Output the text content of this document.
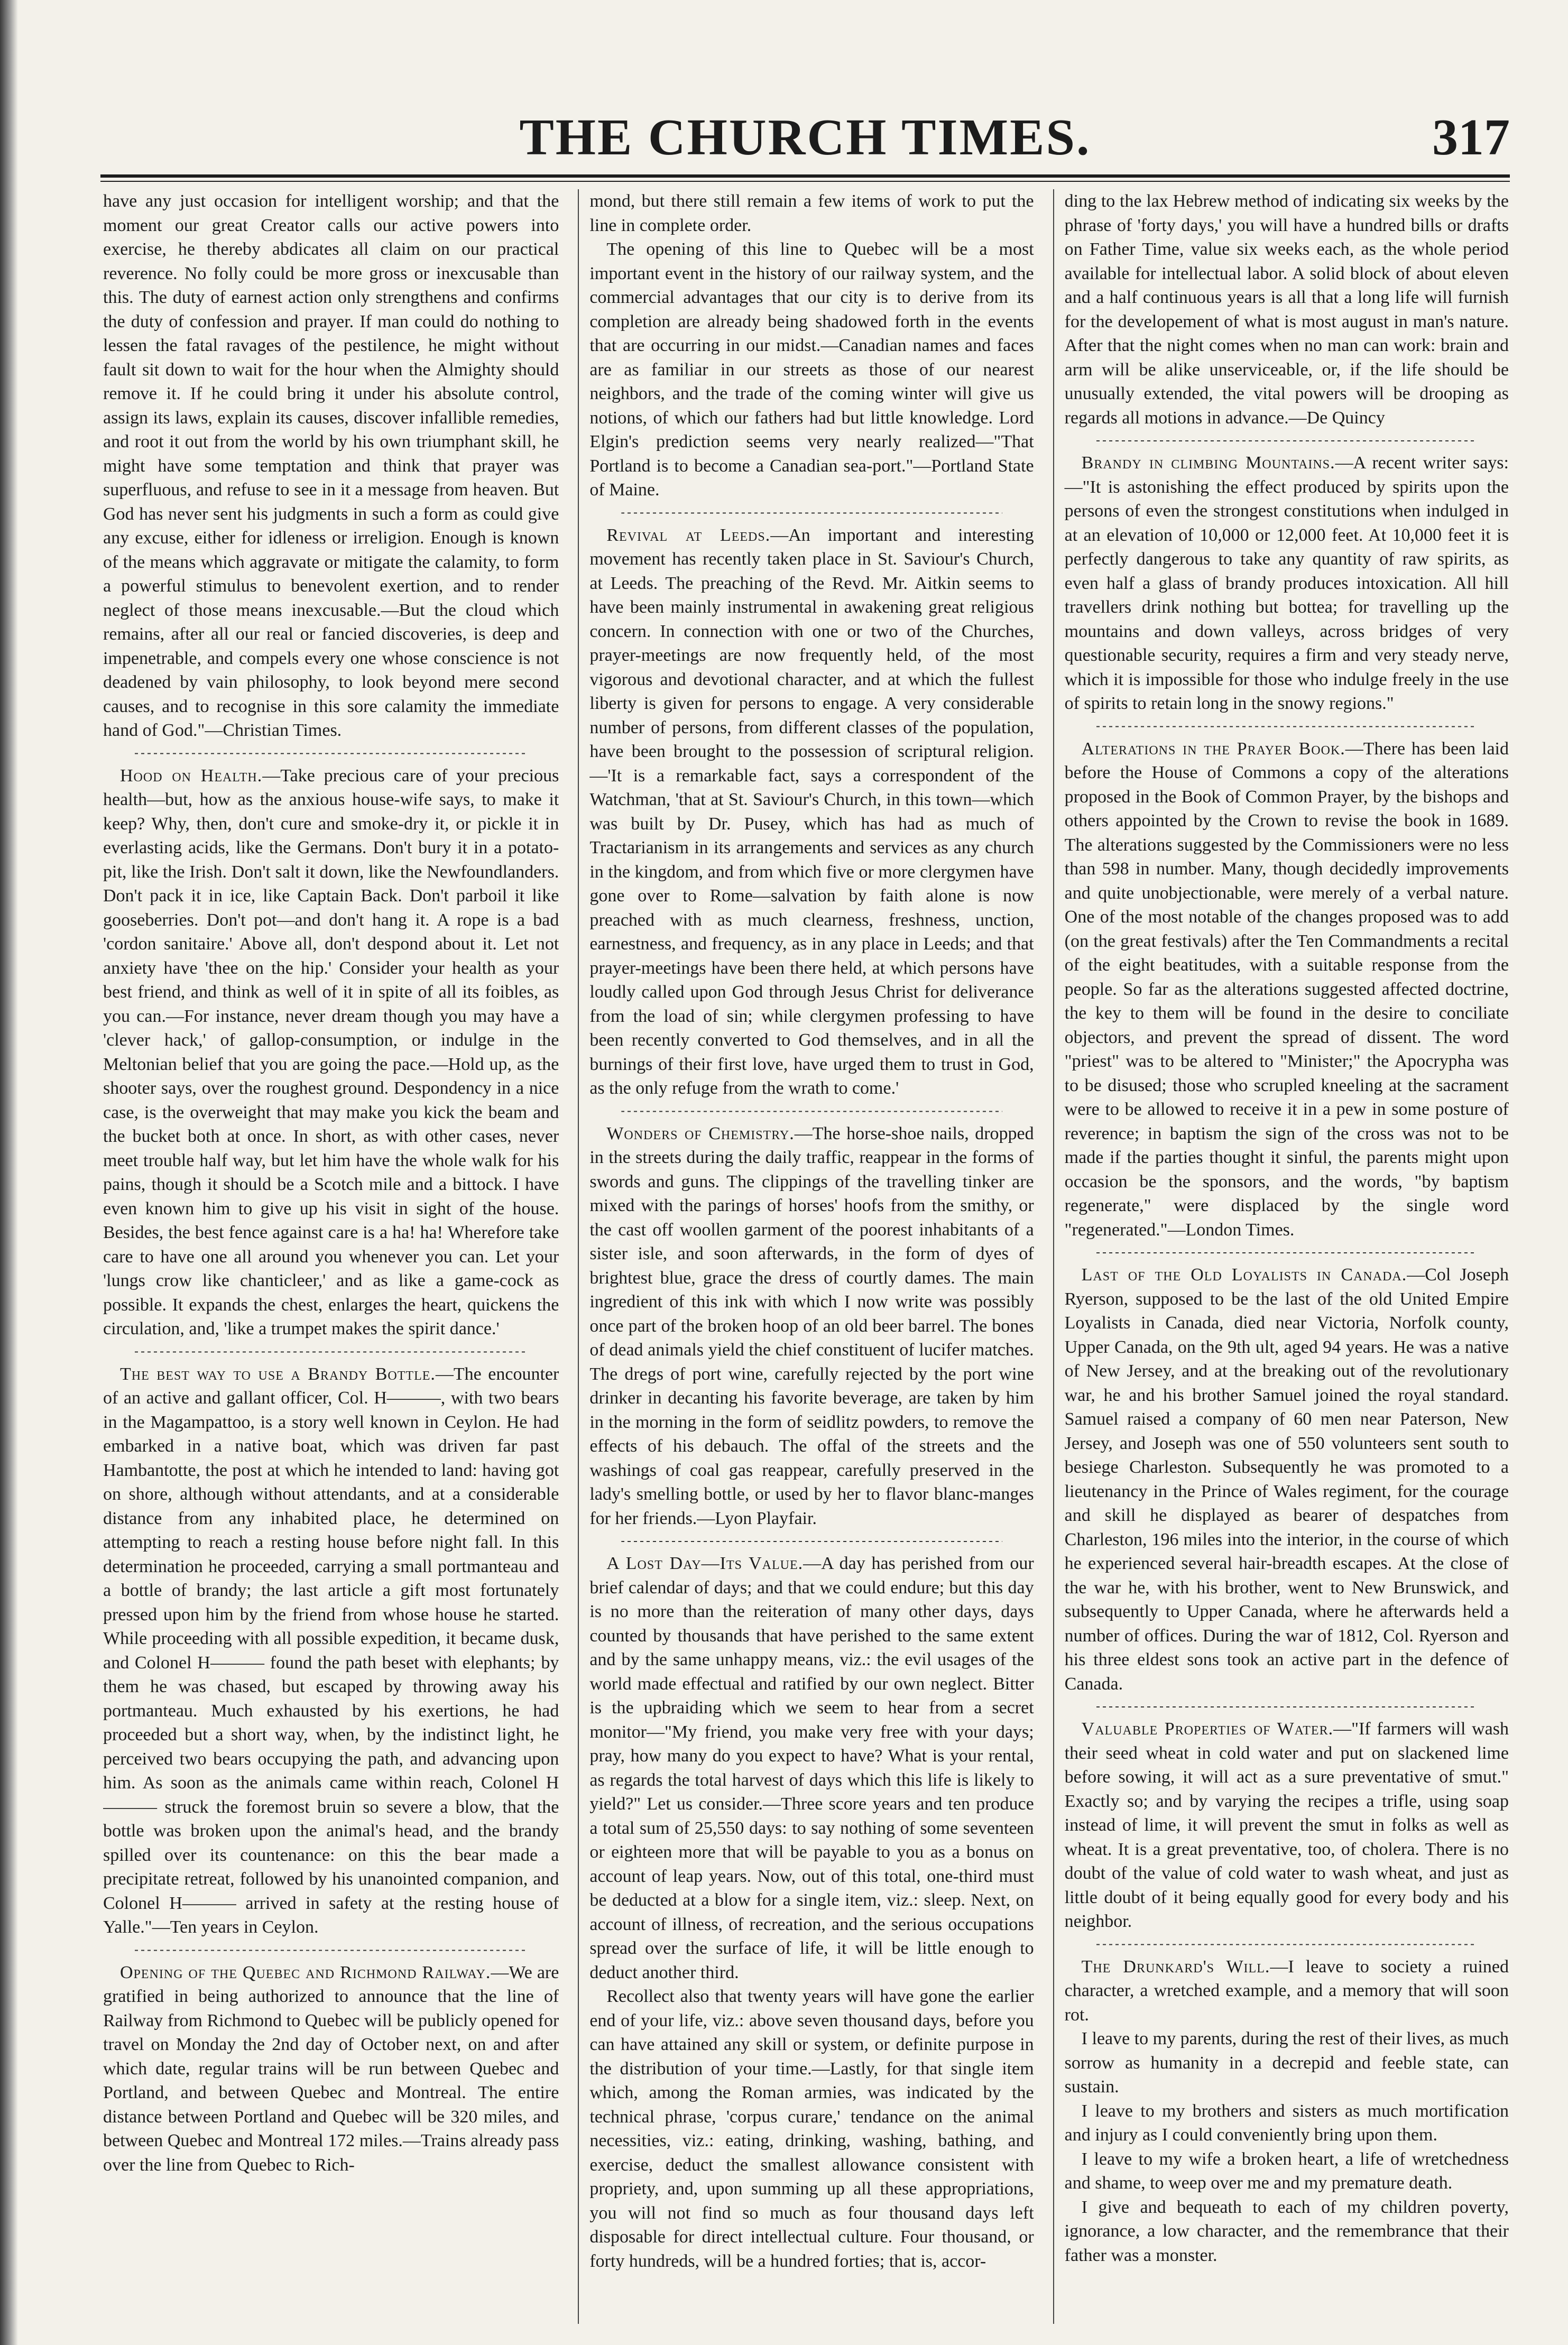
THE CHURCH TIMES.	317

have any just occasion for intelligent worship; and that the moment our great Creator calls our active powers into exercise, he thereby abdicates all claim on our practical reverence. No folly could be more gross or inexcusable than this. The duty of earnest action only strengthens and confirms the duty of confession and prayer. If man could do nothing to lessen the fatal ravages of the pestilence, he might without fault sit down to wait for the hour when the Almighty should remove it. If he could bring it under his absolute control, assign its laws, explain its causes, discover infallible remedies, and root it out from the world by his own triumphant skill, he might have some temptation and think that prayer was superfluous, and refuse to see in it a message from heaven. But God has never sent his judgments in such a form as could give any excuse, either for idleness or irreligion. Enough is known of the means which aggravate or mitigate the calamity, to form a powerful stimulus to benevolent exertion, and to render neglect of those means inexcusable.—But the cloud which remains, after all our real or fancied discoveries, is deep and impenetrable, and compels every one whose conscience is not deadened by vain philosophy, to look beyond mere second causes, and to recognise in this sore calamity the immediate hand of God."—Christian Times.

Hood on Health.—Take precious care of your precious health—but, how as the anxious house-wife says, to make it keep? Why, then, don't cure and smoke-dry it, or pickle it in everlasting acids, like the Germans. Don't bury it in a potato-pit, like the Irish. Don't salt it down, like the Newfoundlanders. Don't pack it in ice, like Captain Back. Don't parboil it like gooseberries. Don't pot—and don't hang it. A rope is a bad 'cordon sanitaire.' Above all, don't despond about it. Let not anxiety have 'thee on the hip.' Consider your health as your best friend, and think as well of it in spite of all its foibles, as you can.—For instance, never dream though you may have a 'clever hack,' of gallop-consumption, or indulge in the Meltonian belief that you are going the pace.—Hold up, as the shooter says, over the roughest ground. Despondency in a nice case, is the overweight that may make you kick the beam and the bucket both at once. In short, as with other cases, never meet trouble half way, but let him have the whole walk for his pains, though it should be a Scotch mile and a bittock. I have even known him to give up his visit in sight of the house. Besides, the best fence against care is a ha! ha! Wherefore take care to have one all around you whenever you can. Let your 'lungs crow like chanticleer,' and as like a game-cock as possible. It expands the chest, enlarges the heart, quickens the circulation, and, 'like a trumpet makes the spirit dance.'

The best way to use a Brandy Bottle.—The encounter of an active and gallant officer, Col. H———, with two bears in the Magampattoo, is a story well known in Ceylon. He had embarked in a native boat, which was driven far past Hambantotte, the post at which he intended to land: having got on shore, although without attendants, and at a considerable distance from any inhabited place, he determined on attempting to reach a resting house before night fall. In this determination he proceeded, carrying a small portmanteau and a bottle of brandy; the last article a gift most fortunately pressed upon him by the friend from whose house he started. While proceeding with all possible expedition, it became dusk, and Colonel H——— found the path beset with elephants; by them he was chased, but escaped by throwing away his portmanteau. Much exhausted by his exertions, he had proceeded but a short way, when, by the indistinct light, he perceived two bears occupying the path, and advancing upon him. As soon as the animals came within reach, Colonel H——— struck the foremost bruin so severe a blow, that the bottle was broken upon the animal's head, and the brandy spilled over its countenance: on this the bear made a precipitate retreat, followed by his unanointed companion, and Colonel H——— arrived in safety at the resting house of Yalle."—Ten years in Ceylon.

Opening of the Quebec and Richmond Railway.—We are gratified in being authorized to announce that the line of Railway from Richmond to Quebec will be publicly opened for travel on Monday the 2nd day of October next, on and after which date, regular trains will be run between Quebec and Portland, and between Quebec and Montreal. The entire distance between Portland and Quebec will be 320 miles, and between Quebec and Montreal 172 miles.—Trains already pass over the line from Quebec to Rich-

mond, but there still remain a few items of work to put the line in complete order.

The opening of this line to Quebec will be a most important event in the history of our railway system, and the commercial advantages that our city is to derive from its completion are already being shadowed forth in the events that are occurring in our midst.—Canadian names and faces are as familiar in our streets as those of our nearest neighbors, and the trade of the coming winter will give us notions, of which our fathers had but little knowledge. Lord Elgin's prediction seems very nearly realized—"That Portland is to become a Canadian sea-port."—Portland State of Maine.

Revival at Leeds.—An important and interesting movement has recently taken place in St. Saviour's Church, at Leeds. The preaching of the Revd. Mr. Aitkin seems to have been mainly instrumental in awakening great religious concern. In connection with one or two of the Churches, prayer-meetings are now frequently held, of the most vigorous and devotional character, and at which the fullest liberty is given for persons to engage. A very considerable number of persons, from different classes of the population, have been brought to the possession of scriptural religion.—'It is a remarkable fact, says a correspondent of the Watchman, 'that at St. Saviour's Church, in this town—which was built by Dr. Pusey, which has had as much of Tractarianism in its arrangements and services as any church in the kingdom, and from which five or more clergymen have gone over to Rome—salvation by faith alone is now preached with as much clearness, freshness, unction, earnestness, and frequency, as in any place in Leeds; and that prayer-meetings have been there held, at which persons have loudly called upon God through Jesus Christ for deliverance from the load of sin; while clergymen professing to have been recently converted to God themselves, and in all the burnings of their first love, have urged them to trust in God, as the only refuge from the wrath to come.'

Wonders of Chemistry.—The horse-shoe nails, dropped in the streets during the daily traffic, reappear in the forms of swords and guns. The clippings of the travelling tinker are mixed with the parings of horses' hoofs from the smithy, or the cast off woollen garment of the poorest inhabitants of a sister isle, and soon afterwards, in the form of dyes of brightest blue, grace the dress of courtly dames. The main ingredient of this ink with which I now write was possibly once part of the broken hoop of an old beer barrel. The bones of dead animals yield the chief constituent of lucifer matches. The dregs of port wine, carefully rejected by the port wine drinker in decanting his favorite beverage, are taken by him in the morning in the form of seidlitz powders, to remove the effects of his debauch. The offal of the streets and the washings of coal gas reappear, carefully preserved in the lady's smelling bottle, or used by her to flavor blanc-manges for her friends.—Lyon Playfair.

A Lost Day—Its Value.—A day has perished from our brief calendar of days; and that we could endure; but this day is no more than the reiteration of many other days, days counted by thousands that have perished to the same extent and by the same unhappy means, viz.: the evil usages of the world made effectual and ratified by our own neglect. Bitter is the upbraiding which we seem to hear from a secret monitor—"My friend, you make very free with your days; pray, how many do you expect to have? What is your rental, as regards the total harvest of days which this life is likely to yield?" Let us consider.—Three score years and ten produce a total sum of 25,550 days: to say nothing of some seventeen or eighteen more that will be payable to you as a bonus on account of leap years. Now, out of this total, one-third must be deducted at a blow for a single item, viz.: sleep. Next, on account of illness, of recreation, and the serious occupations spread over the surface of life, it will be little enough to deduct another third.

Recollect also that twenty years will have gone the earlier end of your life, viz.: above seven thousand days, before you can have attained any skill or system, or definite purpose in the distribution of your time.—Lastly, for that single item which, among the Roman armies, was indicated by the technical phrase, 'corpus curare,' tendance on the animal necessities, viz.: eating, drinking, washing, bathing, and exercise, deduct the smallest allowance consistent with propriety, and, upon summing up all these appropriations, you will not find so much as four thousand days left disposable for direct intellectual culture. Four thousand, or forty hundreds, will be a hundred forties; that is, accor-

ding to the lax Hebrew method of indicating six weeks by the phrase of 'forty days,' you will have a hundred bills or drafts on Father Time, value six weeks each, as the whole period available for intellectual labor. A solid block of about eleven and a half continuous years is all that a long life will furnish for the developement of what is most august in man's nature. After that the night comes when no man can work: brain and arm will be alike unserviceable, or, if the life should be unusually extended, the vital powers will be drooping as regards all motions in advance.—De Quincy

Brandy in climbing Mountains.—A recent writer says:—"It is astonishing the effect produced by spirits upon the persons of even the strongest constitutions when indulged in at an elevation of 10,000 or 12,000 feet. At 10,000 feet it is perfectly dangerous to take any quantity of raw spirits, as even half a glass of brandy produces intoxication. All hill travellers drink nothing but bottea; for travelling up the mountains and down valleys, across bridges of very questionable security, requires a firm and very steady nerve, which it is impossible for those who indulge freely in the use of spirits to retain long in the snowy regions."

Alterations in the Prayer Book.—There has been laid before the House of Commons a copy of the alterations proposed in the Book of Common Prayer, by the bishops and others appointed by the Crown to revise the book in 1689. The alterations suggested by the Commissioners were no less than 598 in number. Many, though decidedly improvements and quite unobjectionable, were merely of a verbal nature. One of the most notable of the changes proposed was to add (on the great festivals) after the Ten Commandments a recital of the eight beatitudes, with a suitable response from the people. So far as the alterations suggested affected doctrine, the key to them will be found in the desire to conciliate objectors, and prevent the spread of dissent. The word "priest" was to be altered to "Minister;" the Apocrypha was to be disused; those who scrupled kneeling at the sacrament were to be allowed to receive it in a pew in some posture of reverence; in baptism the sign of the cross was not to be made if the parties thought it sinful, the parents might upon occasion be the sponsors, and the words, "by baptism regenerate," were displaced by the single word "regenerated."—London Times.

Last of the Old Loyalists in Canada.—Col Joseph Ryerson, supposed to be the last of the old United Empire Loyalists in Canada, died near Victoria, Norfolk county, Upper Canada, on the 9th ult, aged 94 years. He was a native of New Jersey, and at the breaking out of the revolutionary war, he and his brother Samuel joined the royal standard. Samuel raised a company of 60 men near Paterson, New Jersey, and Joseph was one of 550 volunteers sent south to besiege Charleston. Subsequently he was promoted to a lieutenancy in the Prince of Wales regiment, for the courage and skill he displayed as bearer of despatches from Charleston, 196 miles into the interior, in the course of which he experienced several hair-breadth escapes. At the close of the war he, with his brother, went to New Brunswick, and subsequently to Upper Canada, where he afterwards held a number of offices. During the war of 1812, Col. Ryerson and his three eldest sons took an active part in the defence of Canada.

Valuable Properties of Water.—"If farmers will wash their seed wheat in cold water and put on slackened lime before sowing, it will act as a sure preventative of smut." Exactly so; and by varying the recipes a trifle, using soap instead of lime, it will prevent the smut in folks as well as wheat. It is a great preventative, too, of cholera. There is no doubt of the value of cold water to wash wheat, and just as little doubt of it being equally good for every body and his neighbor.

The Drunkard's Will.—I leave to society a ruined character, a wretched example, and a memory that will soon rot.

I leave to my parents, during the rest of their lives, as much sorrow as humanity in a decrepid and feeble state, can sustain.

I leave to my brothers and sisters as much mortification and injury as I could conveniently bring upon them.

I leave to my wife a broken heart, a life of wretchedness and shame, to weep over me and my premature death.

I give and bequeath to each of my children poverty, ignorance, a low character, and the remembrance that their father was a monster.
